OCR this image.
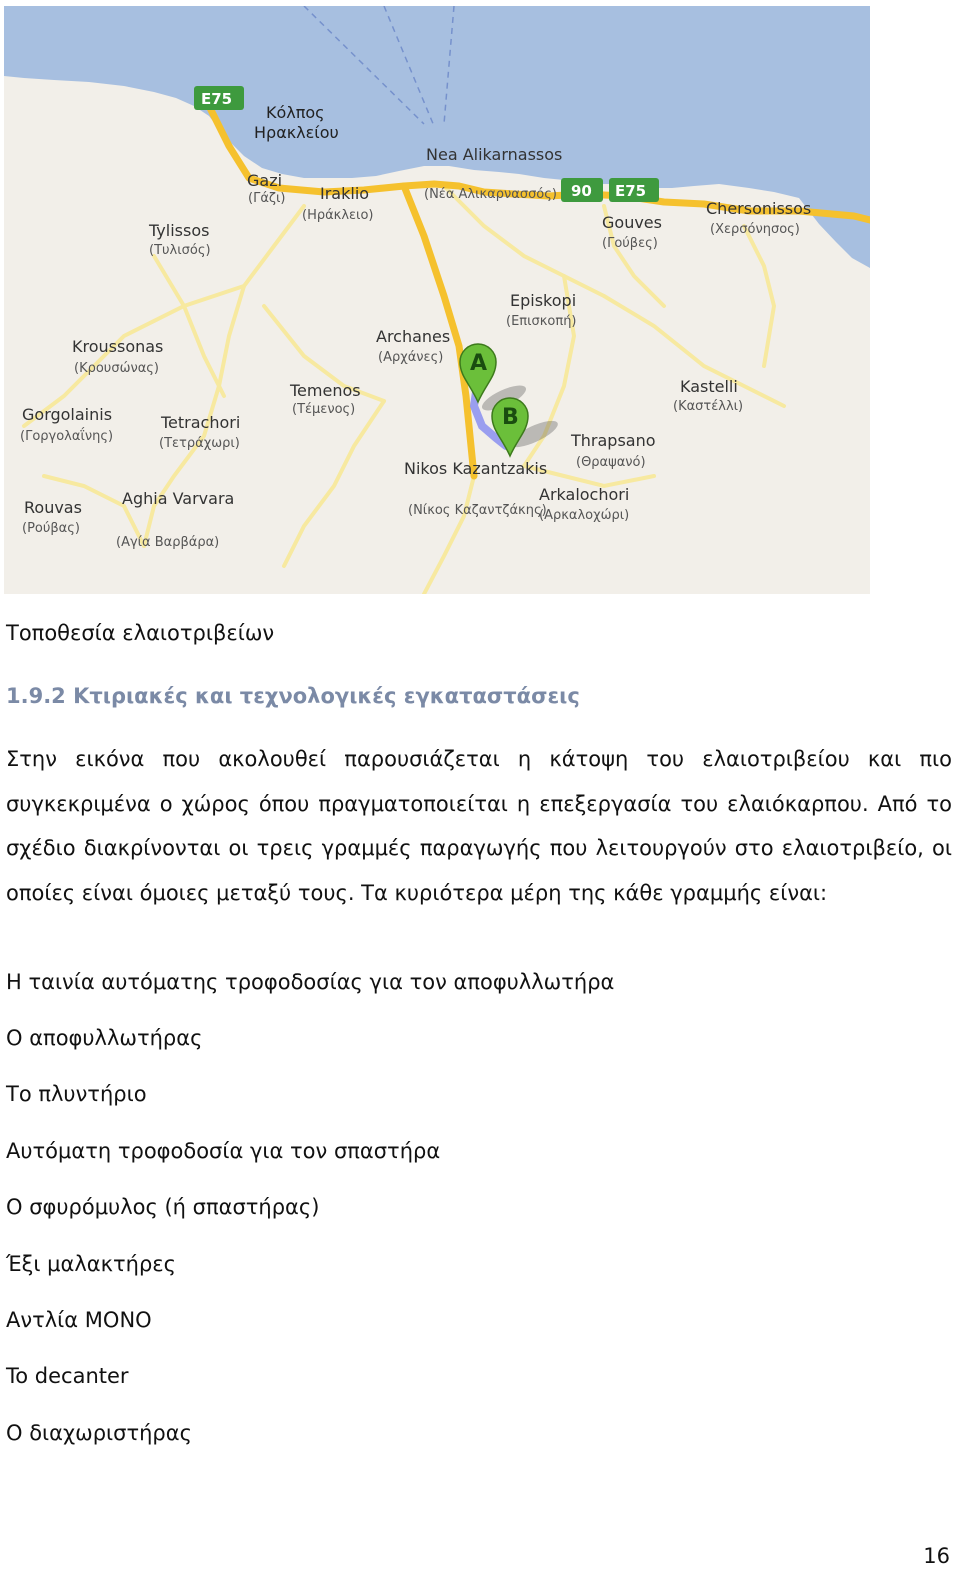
Κόλπος
Ηρακλείου
E75
90 E75
Gazi
(Γάζι) Iraklio
(Ηράκλειο)
Nea Alikarnassos
(Νέα Αλικαρνασσός)
Gouves
(Γούβες)
Chersonissos
(Χερσόνησος)
Tylissos
(Τυλισός)
Episkopi
(Επισκοπή)
Kroussonas
(Κρουσώνας)
Archanes
(Αρχάνες)
Temenos
(Τέμενος)
Kastelli
(Καστέλλι)
Gorgolainis
(Γοργολαΐνης)
Tetrachori
(Τετράχωρι)	Thrapsano
(Θραψανό)
Nikos Kazantzakis
(Νίκος Καζαντζάκης)
Arkalochori
(Αρκαλοχώρι)
Rouvas
(Ρούβας)
Aghia Varvara
(Αγία Βαρβάρα)
A
B
Τοποθεσία ελαιοτριβείων
1.9.2 Κτιριακές και τεχνολογικές εγκαταστάσεις

Στην εικόνα που ακολουθεί παρουσιάζεται η κάτοψη του ελαιοτριβείου και πιο συγκεκριμένα ο χώρος όπου πραγματοποιείται η επεξεργασία του ελαιόκαρπου. Από το σχέδιο διακρίνονται οι τρεις γραμμές παραγωγής που λειτουργούν στο ελαιοτριβείο, οι οποίες είναι όμοιες μεταξύ τους. Τα κυριότερα μέρη της κάθε γραμμής είναι:

Η ταινία αυτόματης τροφοδοσίας για τον αποφυλλωτήρα
Ο αποφυλλωτήρας
Το πλυντήριο
Αυτόματη τροφοδοσία για τον σπαστήρα
Ο σφυρόμυλος (ή σπαστήρας)
Έξι μαλακτήρες
Αντλία ΜΟΝΟ
To decanter
Ο διαχωριστήρας
16
